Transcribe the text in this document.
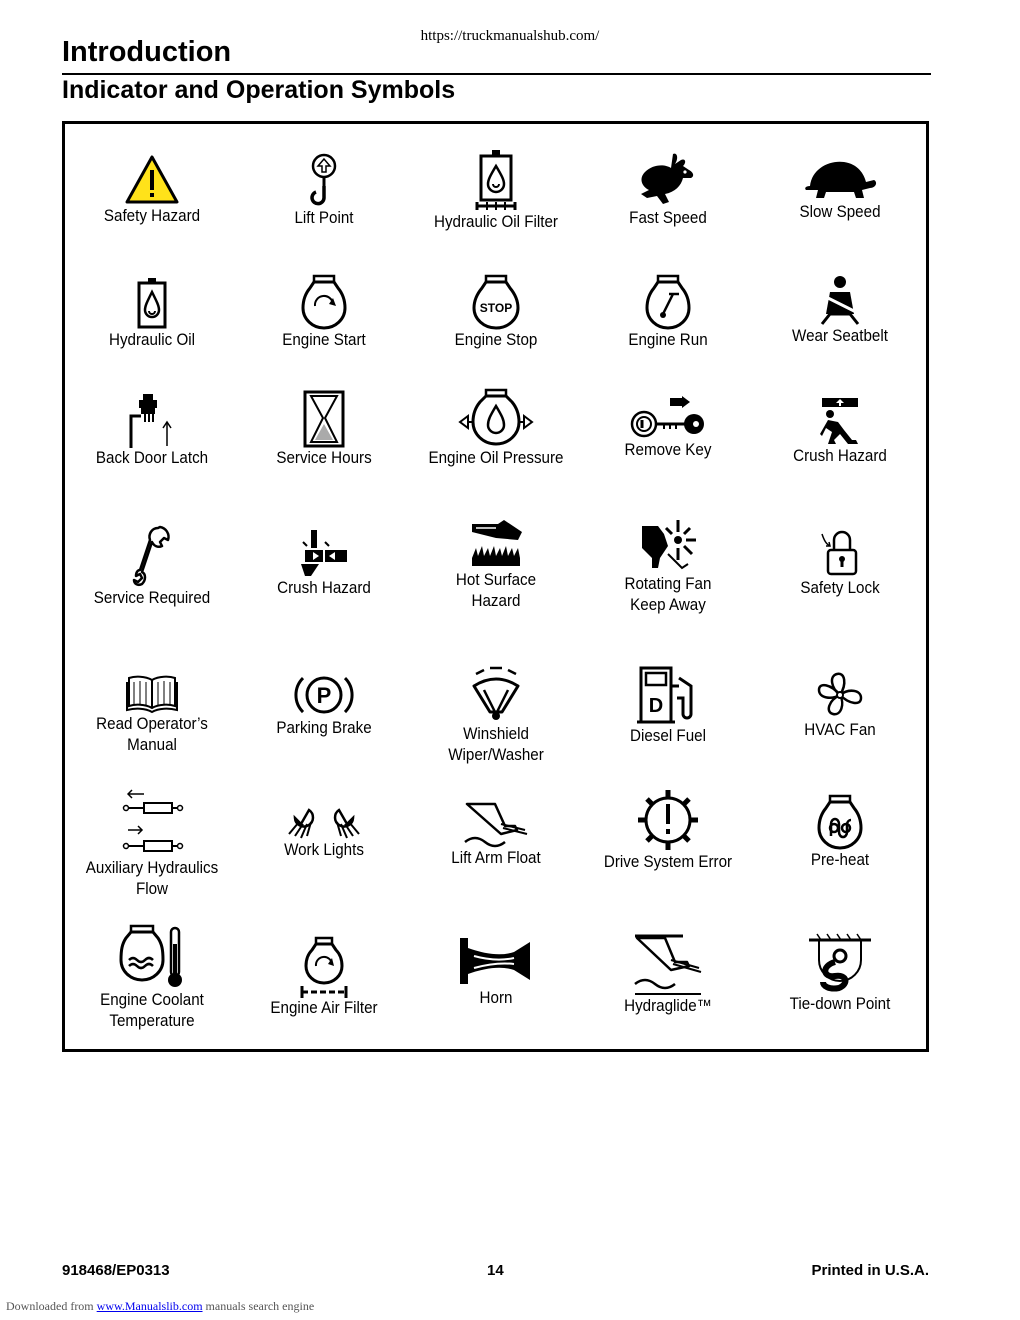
https://truckmanualshub.com/
Introduction
Indicator and Operation Symbols
Safety Hazard	Lift Point	Hydraulic Oil Filter	Fast Speed	Slow Speed
Hydraulic Oil	Engine Start
STOP
Engine Stop	Engine Run	Wear Seatbelt
Back Door Latch	Service Hours	Engine Oil Pressure	Remove Key	Crush Hazard
Service Required
Crush Hazard	Hot Surface
Hazard
Rotating Fan
Keep Away
Safety Lock
Read Operator’s Manual
P
Parking Brake	Winshield Wiper/Washer
D
Diesel Fuel	HVAC Fan
Auxiliary Hydraulics Flow
Work Lights	Lift Arm Float	Drive System Error	Pre-heat
Engine Coolant
Temperature
Engine Air Filter
Horn	Hydraglide™	Tie-down Point
918468/EP0313	14	Printed in U.S.A.
Downloaded from www.Manualslib.com manuals search engine
